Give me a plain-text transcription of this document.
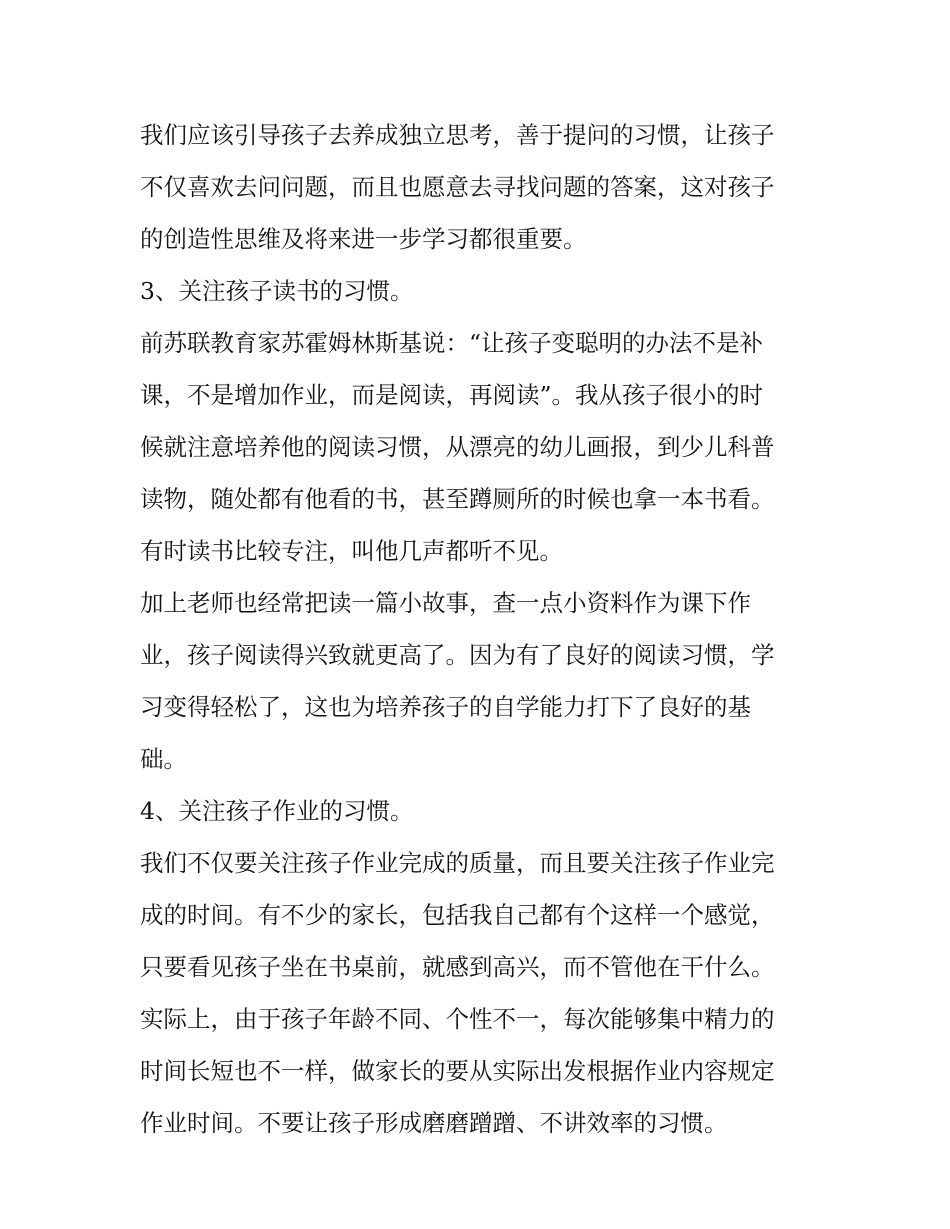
我们应该引导孩子去养成独立思考，善于提问的习惯，让孩子
不仅喜欢去问问题，而且也愿意去寻找问题的答案，这对孩子
的创造性思维及将来进一步学习都很重要。
3、关注孩子读书的习惯。
前苏联教育家苏霍姆林斯基说：“让孩子变聪明的办法不是补
课，不是增加作业，而是阅读，再阅读”。我从孩子很小的时
候就注意培养他的阅读习惯，从漂亮的幼儿画报，到少儿科普
读物，随处都有他看的书，甚至蹲厕所的时候也拿一本书看。
有时读书比较专注，叫他几声都听不见。
加上老师也经常把读一篇小故事，查一点小资料作为课下作
业，孩子阅读得兴致就更高了。因为有了良好的阅读习惯，学
习变得轻松了，这也为培养孩子的自学能力打下了良好的基
础。
4、关注孩子作业的习惯。
我们不仅要关注孩子作业完成的质量，而且要关注孩子作业完
成的时间。有不少的家长，包括我自己都有个这样一个感觉，
只要看见孩子坐在书桌前，就感到高兴，而不管他在干什么。
实际上，由于孩子年龄不同、个性不一，每次能够集中精力的
时间长短也不一样，做家长的要从实际出发根据作业内容规定
作业时间。不要让孩子形成磨磨蹭蹭、不讲效率的习惯。
